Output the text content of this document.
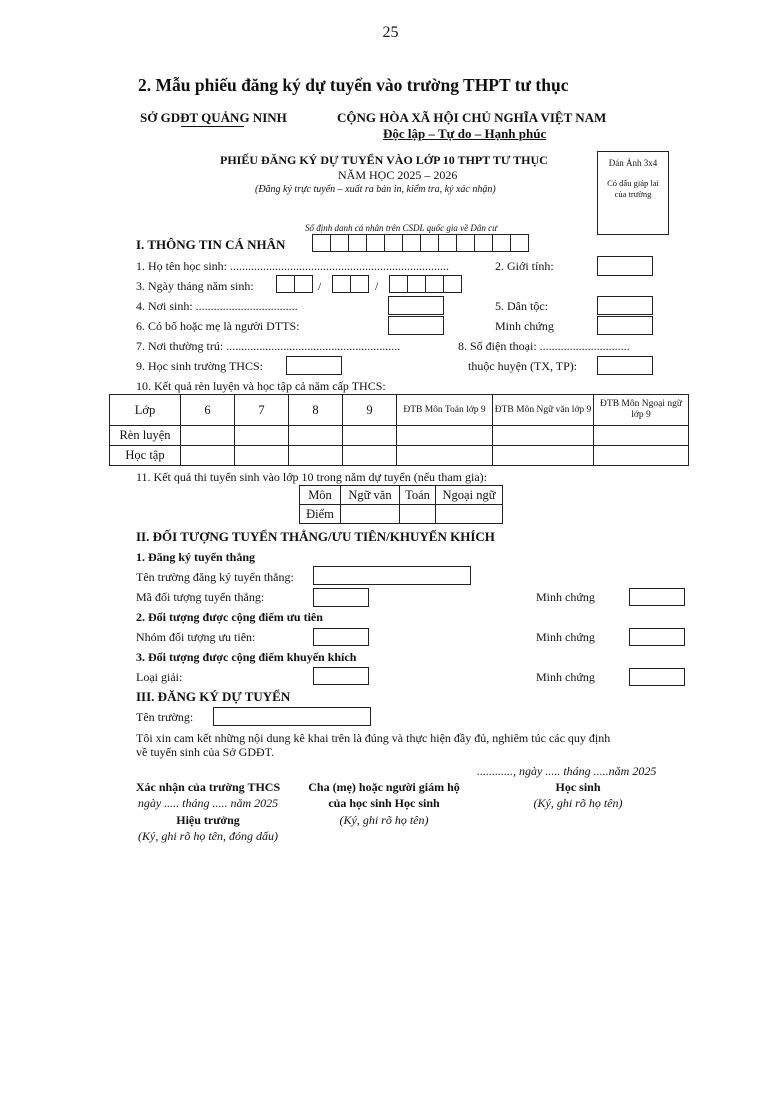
25
2. Mẫu phiếu đăng ký dự tuyển vào trường THPT tư thục
SỞ GDĐT QUẢNG NINH	CỘNG HÒA XÃ HỘI CHỦ NGHĨA VIỆT NAM
Độc lập – Tự do – Hạnh phúc
PHIẾU ĐĂNG KÝ DỰ TUYỂN VÀO LỚP 10 THPT TƯ THỤC
NĂM HỌC 2025 – 2026
(Đăng ký trực tuyến – xuất ra bản in, kiểm tra, ký xác nhận)
Dán Ảnh 3x4
Có dấu giáp lai của trường
Số định danh cá nhân trên CSDL quốc gia về Dân cư
I. THÔNG TIN CÁ NHÂN
1. Họ tên học sinh: .........................................................................	2. Giới tính:
3. Ngày tháng năm sinh:	/	/
4. Nơi sinh: ..................................	5. Dân tộc:
6. Có bố hoặc mẹ là người DTTS:	Minh chứng
7. Nơi thường trú: ..........................................................	8. Số điện thoại: ..............................
9. Học sinh trường THCS:	thuộc huyện (TX, TP):
10. Kết quả rèn luyện và học tập cả năm cấp THCS:
Lớp	6	7	8	9	ĐTB Môn Toán lớp 9	ĐTB Môn Ngữ văn lớp 9	ĐTB Môn Ngoại ngữ lớp 9
Rèn luyện							
Học tập							
11. Kết quả thi tuyển sinh vào lớp 10 trong năm dự tuyển (nếu tham gia):
Môn	Ngữ văn	Toán	Ngoại ngữ
Điểm			
II. ĐỐI TƯỢNG TUYỂN THẲNG/ƯU TIÊN/KHUYẾN KHÍCH
1. Đăng ký tuyển thẳng
Tên trường đăng ký tuyển thẳng:
Mã đối tượng tuyển thẳng:	Minh chứng
2. Đối tượng được cộng điểm ưu tiên
Nhóm đối tượng ưu tiên:	Minh chứng
3. Đối tượng được cộng điểm khuyến khích
Loại giải:	Minh chứng
III. ĐĂNG KÝ DỰ TUYỂN
Tên trường:
Tôi xin cam kết những nội dung kê khai trên là đúng và thực hiện đầy đủ, nghiêm túc các quy định
về tuyển sinh của Sở GDĐT.
............, ngày ..... tháng .....năm 2025
Xác nhận của trường THCS
ngày ..... tháng ..... năm 2025
Hiệu trưởng
(Ký, ghi rõ họ tên, đóng dấu)
Cha (mẹ) hoặc người giám hộ
của học sinh Học sinh
(Ký, ghi rõ họ tên)
Học sinh
(Ký, ghi rõ họ tên)
